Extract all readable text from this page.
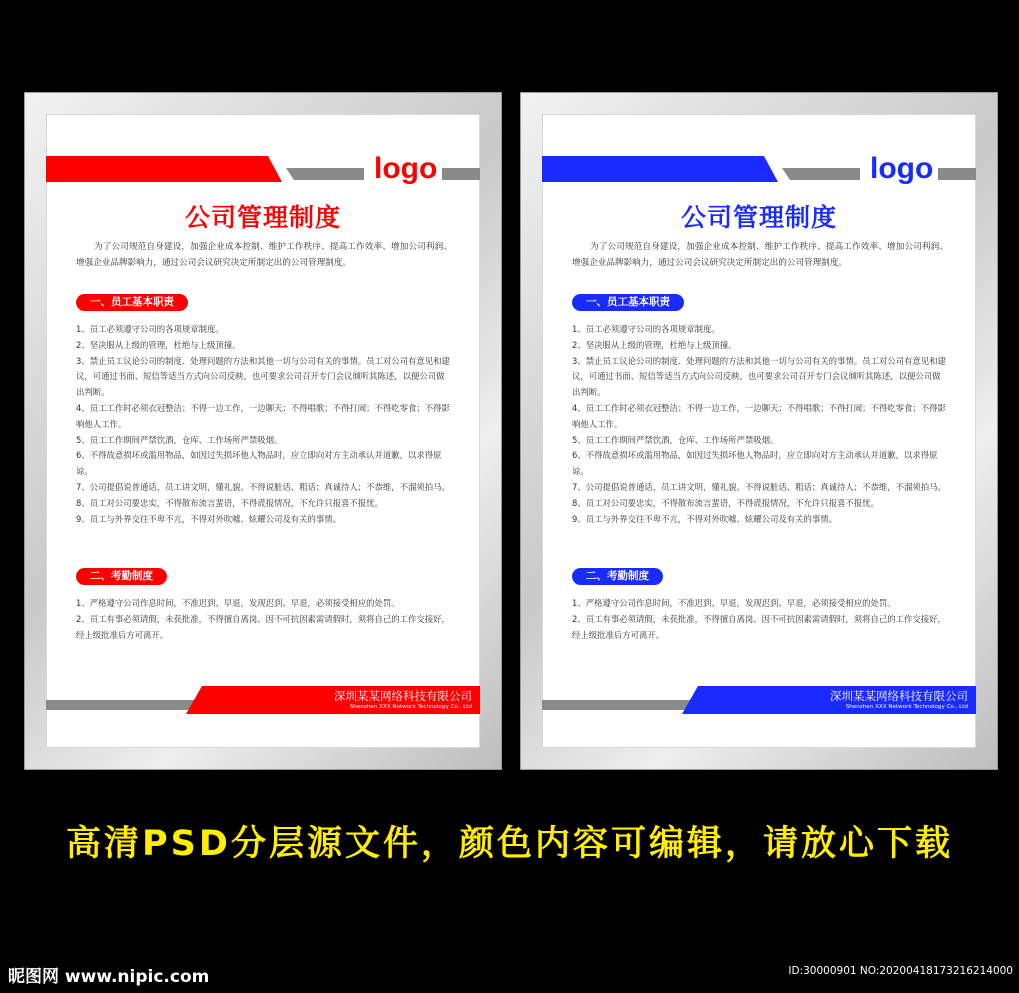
logo
公司管理制度
为了公司规范自身建设，加强企业成本控制、维护工作秩序、提高工作效率、增加公司利润、增强企业品牌影响力，通过公司会议研究决定所制定出的公司管理制度。
一、员工基本职责

1、员工必须遵守公司的各项规章制度。

2、坚决服从上级的管理，杜绝与上级顶撞。

3、禁止员工议论公司的制度、处理问题的方法和其他一切与公司有关的事情。员工对公司有意见和建议，可通过书面、短信等适当方式向公司反映，也可要求公司召开专门会议倾听其陈述，以便公司做出判断。

4、员工工作时必须衣冠整洁；不得一边工作，一边聊天；不得唱歌；不得打闹；不得吃零食；不得影响他人工作。

5、员工工作期间严禁饮酒，仓库、工作场所严禁吸烟。

6、不得故意损坏或滥用物品，如因过失损坏他人物品时，应立即向对方主动承认并道歉，以求得原谅。

7、公司提倡说普通话，员工讲文明，懂礼貌。不得说脏话、粗话；真诚待人；不恭维，不溜须拍马。

8、员工对公司要忠实，不得散布流言蜚语，不得谎报情况，不允许只报喜不报忧。

9、员工与外界交往不卑不亢，不得对外吹嘘、炫耀公司及有关的事情。

二、考勤制度

1、严格遵守公司作息时间，不准迟到、早退，发现迟到、早退，必须接受相应的处罚。

2、员工有事必须请假，未获批准，不得擅自离岗。因不可抗因素需请假时，须将自己的工作交接好，经上级批准后方可离开。

深圳某某网络科技有限公司
Shenzhen XXX Network Technology Co., Ltd
logo
公司管理制度
为了公司规范自身建设，加强企业成本控制、维护工作秩序、提高工作效率、增加公司利润、增强企业品牌影响力，通过公司会议研究决定所制定出的公司管理制度。
一、员工基本职责

1、员工必须遵守公司的各项规章制度。

2、坚决服从上级的管理，杜绝与上级顶撞。

3、禁止员工议论公司的制度、处理问题的方法和其他一切与公司有关的事情。员工对公司有意见和建议，可通过书面、短信等适当方式向公司反映，也可要求公司召开专门会议倾听其陈述，以便公司做出判断。

4、员工工作时必须衣冠整洁；不得一边工作，一边聊天；不得唱歌；不得打闹；不得吃零食；不得影响他人工作。

5、员工工作期间严禁饮酒，仓库、工作场所严禁吸烟。

6、不得故意损坏或滥用物品，如因过失损坏他人物品时，应立即向对方主动承认并道歉，以求得原谅。

7、公司提倡说普通话，员工讲文明，懂礼貌。不得说脏话、粗话；真诚待人；不恭维，不溜须拍马。

8、员工对公司要忠实，不得散布流言蜚语，不得谎报情况，不允许只报喜不报忧。

9、员工与外界交往不卑不亢，不得对外吹嘘、炫耀公司及有关的事情。

二、考勤制度

1、严格遵守公司作息时间，不准迟到、早退，发现迟到、早退，必须接受相应的处罚。

2、员工有事必须请假，未获批准，不得擅自离岗。因不可抗因素需请假时，须将自己的工作交接好，经上级批准后方可离开。

深圳某某网络科技有限公司
Shenzhen XXX Network Technology Co., Ltd
高清PSD分层源文件，颜色内容可编辑，请放心下载
昵图网 www.nipic.com	ID:30000901 NO:20200418173216214000
